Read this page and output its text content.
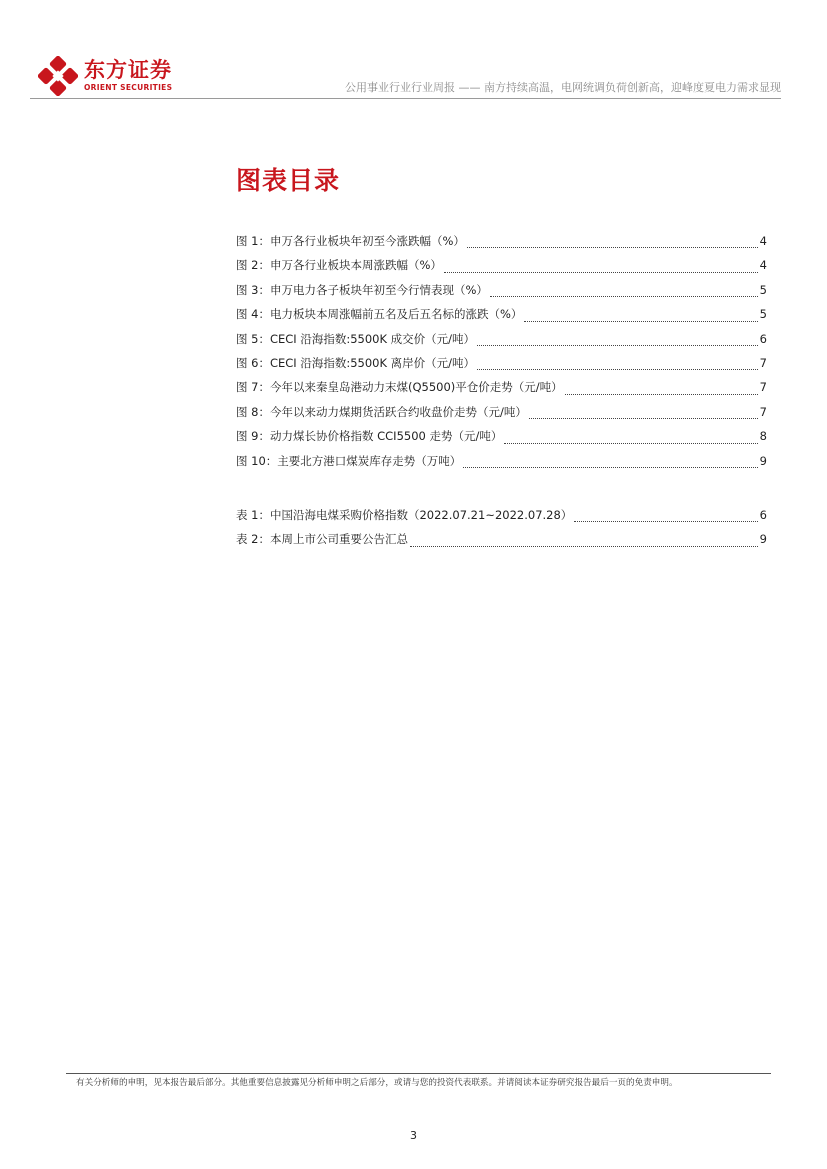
东方证券
ORIENT SECURITIES	公用事业行业行业周报 —— 南方持续高温，电网统调负荷创新高，迎峰度夏电力需求显现
图表目录
图 1：申万各行业板块年初至今涨跌幅（%）	4
图 2：申万各行业板块本周涨跌幅（%）	4
图 3：申万电力各子板块年初至今行情表现（%）	5
图 4：电力板块本周涨幅前五名及后五名标的涨跌（%）	5
图 5：CECI 沿海指数:5500K 成交价（元/吨）	6
图 6：CECI 沿海指数:5500K 离岸价（元/吨）	7
图 7：今年以来秦皇岛港动力末煤(Q5500)平仓价走势（元/吨）	7
图 8：今年以来动力煤期货活跃合约收盘价走势（元/吨）	7
图 9：动力煤长协价格指数 CCI5500 走势（元/吨）	8
图 10：主要北方港口煤炭库存走势（万吨）	9
表 1：中国沿海电煤采购价格指数（2022.07.21~2022.07.28）	6
表 2：本周上市公司重要公告汇总	9
有关分析师的申明，见本报告最后部分。其他重要信息披露见分析师申明之后部分，或请与您的投资代表联系。并请阅读本证券研究报告最后一页的免责申明。
3
